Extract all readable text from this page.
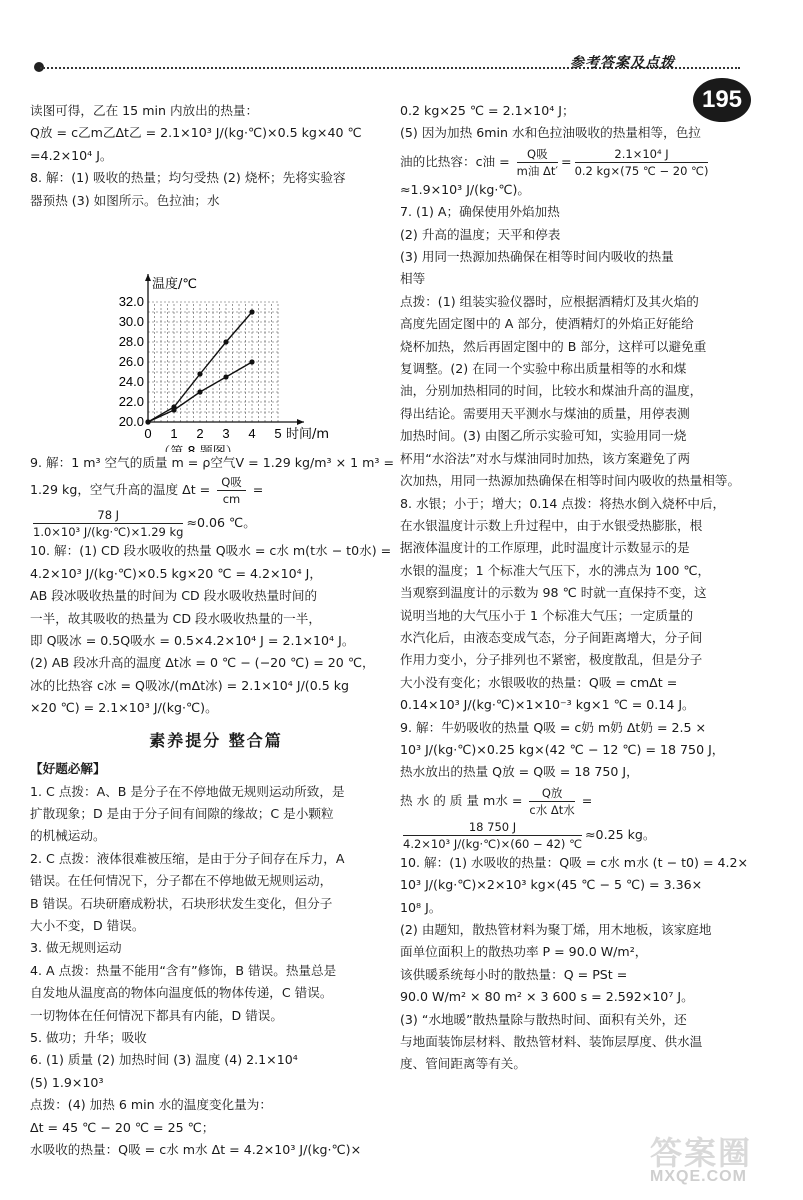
参考答案及点拨
195

读图可得，乙在 15 min 内放出的热量：

Q放 = c乙m乙Δt乙 = 2.1×10³ J/(kg·℃)×0.5 kg×40 ℃

=4.2×10⁴ J。

8. 解：(1) 吸收的热量；均匀受热 (2) 烧杯；先将实验容

器预热 (3) 如图所示。色拉油；水

0 1 2 3 4 5
20.0
22.0
24.0
26.0
28.0
30.0
32.0
温度/℃
时间/m

9. 解：1 m³ 空气的质量 m = ρ空气V = 1.29 kg/m³ × 1 m³ =

1.29 kg，空气升高的温度 $\Delta t = \frac{\text{Q吸}}{cm}$ =

$\frac{78 J}{\text{1.0×10³ J/(kg·℃)×1.29 kg}} \approx 0.06$ ℃。

10. 解：(1) CD 段水吸收的热量 Q吸水 = c水 m(t水 − t0水) =

4.2×10³ J/(kg·℃)×0.5 kg×20 ℃ = 4.2×10⁴ J，

AB 段冰吸收热量的时间为 CD 段水吸收热量时间的

一半，故其吸收的热量为 CD 段水吸收热量的一半，

即 Q吸冰 = 0.5Q吸水 = 0.5×4.2×10⁴ J = 2.1×10⁴ J。

(2) AB 段冰升高的温度 Δt冰 = 0 ℃ − (−20 ℃) = 20 ℃，

冰的比热容 c冰 = Q吸冰/(mΔt冰) = 2.1×10⁴ J/(0.5 kg

×20 ℃) = 2.1×10³ J/(kg·℃)。

素养提分 整合篇

【好题必解】

1. C 点拨：A、B 是分子在不停地做无规则运动所致，是

扩散现象；D 是由于分子间有间隙的缘故；C 是小颗粒

的机械运动。

2. C 点拨：液体很难被压缩，是由于分子间存在斥力，A

错误。在任何情况下，分子都在不停地做无规则运动，

B 错误。石块研磨成粉状，石块形状发生变化，但分子

大小不变，D 错误。

3. 做无规则运动

4. A 点拨：热量不能用“含有”修饰，B 错误。热量总是

自发地从温度高的物体向温度低的物体传递，C 错误。

一切物体在任何情况下都具有内能，D 错误。

5. 做功；升华；吸收

6. (1) 质量 (2) 加热时间 (3) 温度 (4) 2.1×10⁴

(5) 1.9×10³

点拨：(4) 加热 6 min 水的温度变化量为：

Δt = 45 ℃ − 20 ℃ = 25 ℃；

水吸收的热量：Q吸 = c水 m水 Δt = 4.2×10³ J/(kg·℃)×

0.2 kg×25 ℃ = 2.1×10⁴ J；

(5) 因为加热 6min 水和色拉油吸收的热量相等，色拉

油的比热容：c油 = $\frac{\text{Q吸}}{\text{m油 Δt′}} = \frac{\text{2.1×10⁴ J}}{0.2 kg\times(75 ℃ - 20 ℃)}$

≈1.9×10³ J/(kg·℃)。

7. (1) A；确保使用外焰加热

(2) 升高的温度；天平和停表

(3) 用同一热源加热确保在相等时间内吸收的热量

相等

点拨：(1) 组装实验仪器时，应根据酒精灯及其火焰的

高度先固定图中的 A 部分，使酒精灯的外焰正好能给

烧杯加热，然后再固定图中的 B 部分，这样可以避免重

复调整。(2) 在同一个实验中称出质量相等的水和煤

油，分别加热相同的时间，比较水和煤油升高的温度，

得出结论。需要用天平测水与煤油的质量，用停表测

加热时间。(3) 由图乙所示实验可知，实验用同一烧

杯用“水浴法”对水与煤油同时加热，该方案避免了两

次加热，用同一热源加热确保在相等时间内吸收的热量相等。

8. 水银；小于；增大；0.14 点拨：将热水倒入烧杯中后，

在水银温度计示数上升过程中，由于水银受热膨胀，根

据液体温度计的工作原理，此时温度计示数显示的是

水银的温度；1 个标准大气压下，水的沸点为 100 ℃，

当观察到温度计的示数为 98 ℃ 时就一直保持不变，这

说明当地的大气压小于 1 个标准大气压；一定质量的

水汽化后，由液态变成气态，分子间距离增大，分子间

作用力变小，分子排列也不紧密，极度散乱，但是分子

大小没有变化；水银吸收的热量：Q吸 = cmΔt =

0.14×10³ J/(kg·℃)×1×10⁻³ kg×1 ℃ = 0.14 J。

9. 解：牛奶吸收的热量 Q吸 = c奶 m奶 Δt奶 = 2.5 ×

10³ J/(kg·℃)×0.25 kg×(42 ℃ − 12 ℃) = 18 750 J，

热水放出的热量 Q放 = Q吸 = 18 750 J，

热 水 的 质 量 m水 = $\frac{\text{Q放}}{\text{c水 Δt水}}$ =

$\frac{18 750 J}{\text{4.2×10³ J/(kg·℃)×(60 − 42) ℃}} \approx 0.25$ kg。

10. 解：(1) 水吸收的热量：Q吸 = c水 m水 (t − t0) = 4.2×

10³ J/(kg·℃)×2×10³ kg×(45 ℃ − 5 ℃) = 3.36×

10⁸ J。

(2) 由题知，散热管材料为聚丁烯，用木地板，该家庭地

面单位面积上的散热功率 P = 90.0 W/m²，

该供暖系统每小时的散热量：Q = PSt =

90.0 W/m² × 80 m² × 3 600 s = 2.592×10⁷ J。

(3) “水地暖”散热量除与散热时间、面积有关外，还

与地面装饰层材料、散热管材料、装饰层厚度、供水温

度、管间距离等有关。

答案圈
MXQE.COM
